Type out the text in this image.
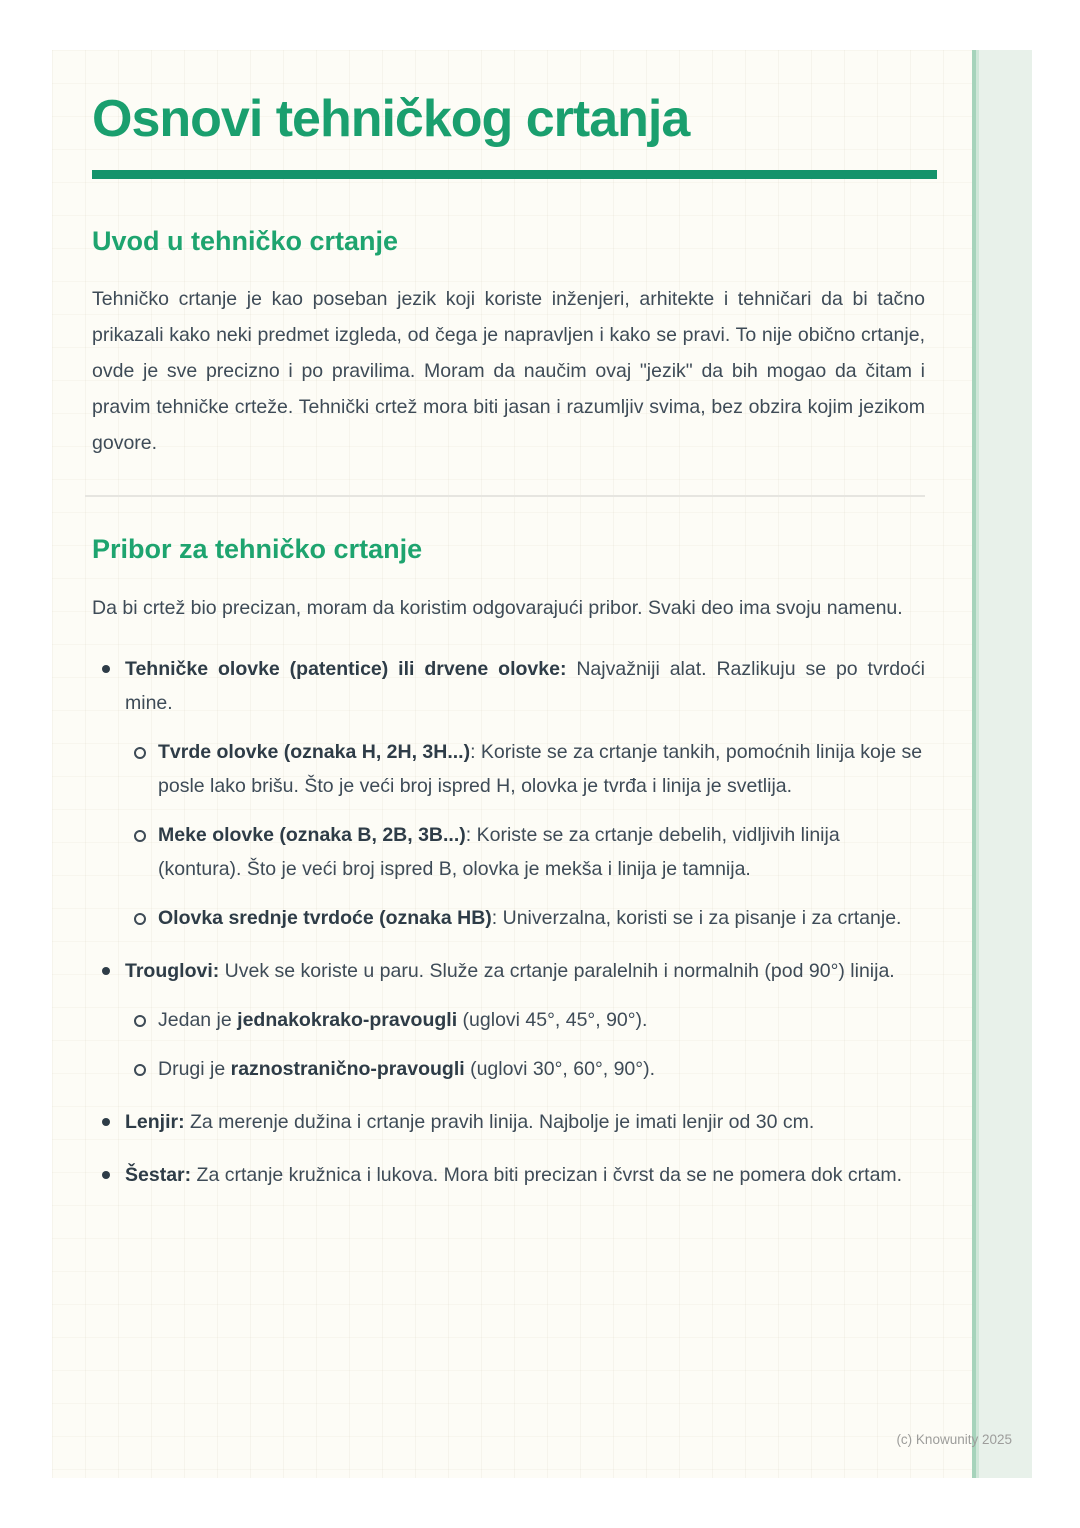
Osnovi tehničkog crtanja
Uvod u tehničko crtanje

Tehničko crtanje je kao poseban jezik koji koriste inženjeri, arhitekte i tehničari da bi tačno prikazali kako neki predmet izgleda, od čega je napravljen i kako se pravi. To nije obično crtanje, ovde je sve precizno i po pravilima. Moram da naučim ovaj "jezik" da bih mogao da čitam i pravim tehničke crteže. Tehnički crtež mora biti jasan i razumljiv svima, bez obzira kojim jezikom govore.

Pribor za tehničko crtanje

Da bi crtež bio precizan, moram da koristim odgovarajući pribor. Svaki deo ima svoju namenu.

Tehničke olovke (patentice) ili drvene olovke: Najvažniji alat. Razlikuju se po tvrdoći mine.

Tvrde olovke (oznaka H, 2H, 3H...): Koriste se za crtanje tankih, pomoćnih linija koje se posle lako brišu. Što je veći broj ispred H, olovka je tvrđa i linija je svetlija.

Meke olovke (oznaka B, 2B, 3B...): Koriste se za crtanje debelih, vidljivih linija (kontura). Što je veći broj ispred B, olovka je mekša i linija je tamnija.

Olovka srednje tvrdoće (oznaka HB): Univerzalna, koristi se i za pisanje i za crtanje.

Trouglovi: Uvek se koriste u paru. Služe za crtanje paralelnih i normalnih (pod 90°) linija.

Jedan je jednakokrako-pravougli (uglovi 45°, 45°, 90°).

Drugi je raznostranično-pravougli (uglovi 30°, 60°, 90°).

Lenjir: Za merenje dužina i crtanje pravih linija. Najbolje je imati lenjir od 30 cm.

Šestar: Za crtanje kružnica i lukova. Mora biti precizan i čvrst da se ne pomera dok crtam.

(c) Knowunity 2025
